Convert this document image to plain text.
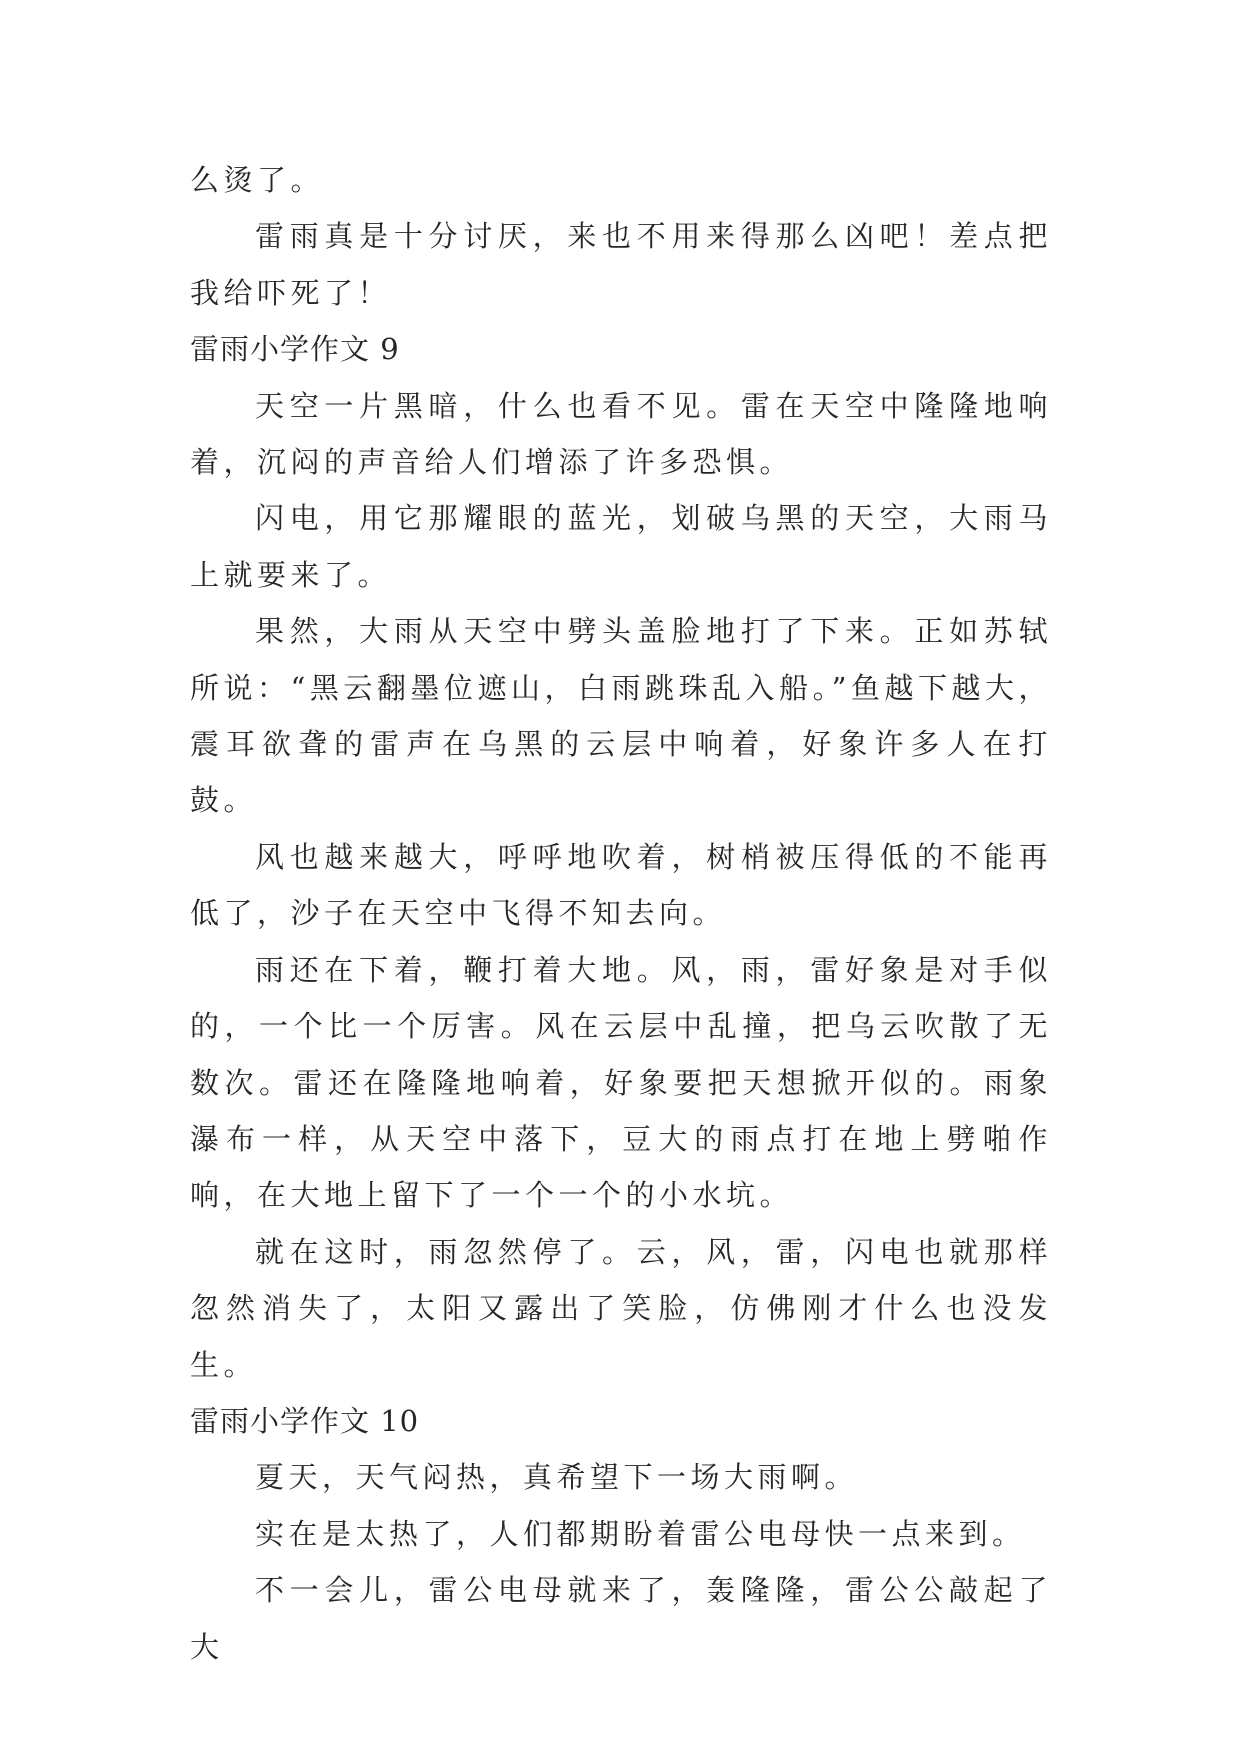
么烫了。

雷雨真是十分讨厌，来也不用来得那么凶吧！差点把我给吓死了！

雷雨小学作文 9

天空一片黑暗，什么也看不见。雷在天空中隆隆地响着，沉闷的声音给人们增添了许多恐惧。

闪电，用它那耀眼的蓝光，划破乌黑的天空，大雨马上就要来了。

果然，大雨从天空中劈头盖脸地打了下来。正如苏轼所说：“黑云翻墨位遮山，白雨跳珠乱入船。”鱼越下越大，震耳欲聋的雷声在乌黑的云层中响着，好象许多人在打鼓。

风也越来越大，呼呼地吹着，树梢被压得低的不能再低了，沙子在天空中飞得不知去向。

雨还在下着，鞭打着大地。风，雨，雷好象是对手似的，一个比一个厉害。风在云层中乱撞，把乌云吹散了无数次。雷还在隆隆地响着，好象要把天想掀开似的。雨象瀑布一样，从天空中落下，豆大的雨点打在地上劈啪作响，在大地上留下了一个一个的小水坑。

就在这时，雨忽然停了。云，风，雷，闪电也就那样忽然消失了，太阳又露出了笑脸，仿佛刚才什么也没发生。

雷雨小学作文 10

夏天，天气闷热，真希望下一场大雨啊。

实在是太热了，人们都期盼着雷公电母快一点来到。

不一会儿，雷公电母就来了，轰隆隆，雷公公敲起了大
